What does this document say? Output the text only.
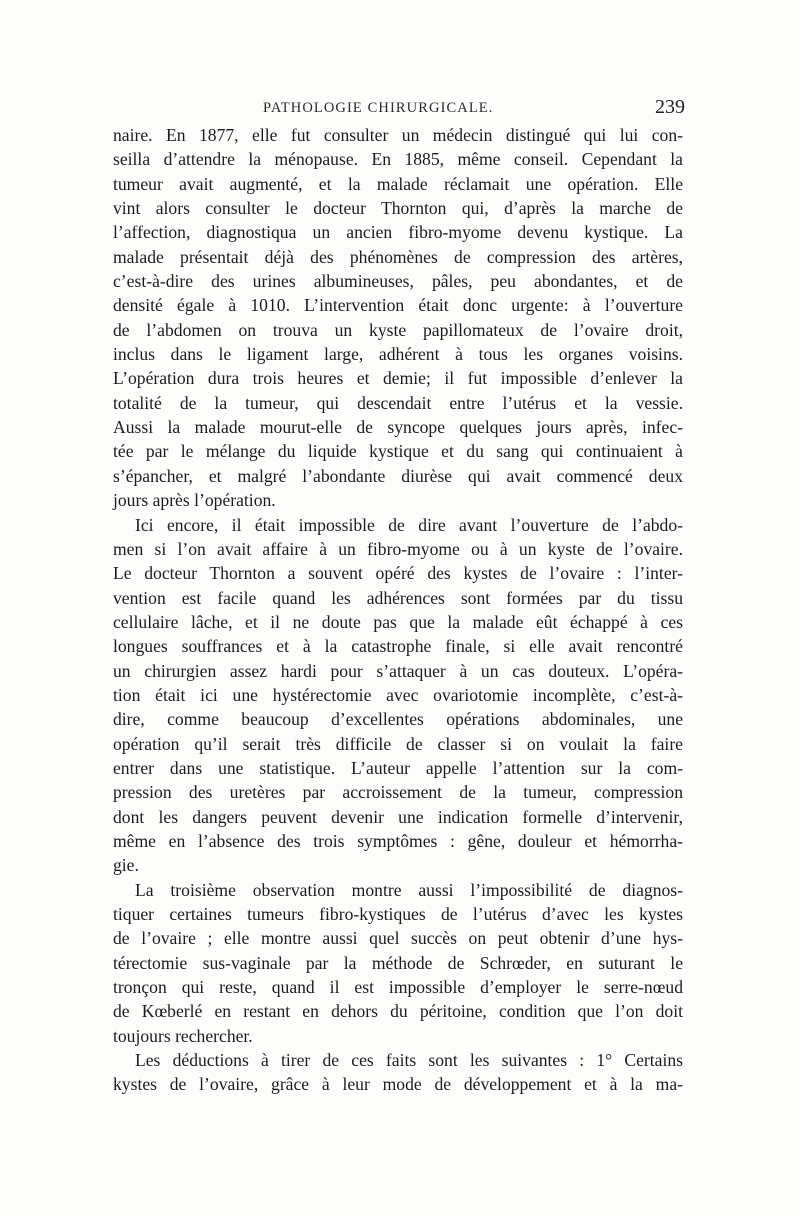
PATHOLOGIE CHIRURGICALE.	239
naire. En 1877, elle fut consulter un médecin distingué qui lui con-
seilla d’attendre la ménopause. En 1885, même conseil. Cependant la
tumeur avait augmenté, et la malade réclamait une opération. Elle
vint alors consulter le docteur Thornton qui, d’après la marche de
l’affection, diagnostiqua un ancien fibro-myome devenu kystique. La
malade présentait déjà des phénomènes de compression des artères,
c’est-à-dire des urines albumineuses, pâles, peu abondantes, et de
densité égale à 1010. L’intervention était donc urgente: à l’ouverture
de l’abdomen on trouva un kyste papillomateux de l’ovaire droit,
inclus dans le ligament large, adhérent à tous les organes voisins.
L’opération dura trois heures et demie; il fut impossible d’enlever la
totalité de la tumeur, qui descendait entre l’utérus et la vessie.
Aussi la malade mourut-elle de syncope quelques jours après, infec-
tée par le mélange du liquide kystique et du sang qui continuaient à
s’épancher, et malgré l’abondante diurèse qui avait commencé deux
jours après l’opération.
Ici encore, il était impossible de dire avant l’ouverture de l’abdo-
men si l’on avait affaire à un fibro-myome ou à un kyste de l’ovaire.
Le docteur Thornton a souvent opéré des kystes de l’ovaire : l’inter-
vention est facile quand les adhérences sont formées par du tissu
cellulaire lâche, et il ne doute pas que la malade eût échappé à ces
longues souffrances et à la catastrophe finale, si elle avait rencontré
un chirurgien assez hardi pour s’attaquer à un cas douteux. L’opéra-
tion était ici une hystérectomie avec ovariotomie incomplète, c’est-à-
dire, comme beaucoup d’excellentes opérations abdominales, une
opération qu’il serait très difficile de classer si on voulait la faire
entrer dans une statistique. L’auteur appelle l’attention sur la com-
pression des uretères par accroissement de la tumeur, compression
dont les dangers peuvent devenir une indication formelle d’intervenir,
même en l’absence des trois symptômes : gêne, douleur et hémorrha-
gie.
La troisième observation montre aussi l’impossibilité de diagnos-
tiquer certaines tumeurs fibro-kystiques de l’utérus d’avec les kystes
de l’ovaire ; elle montre aussi quel succès on peut obtenir d’une hys-
térectomie sus-vaginale par la méthode de Schrœder, en suturant le
tronçon qui reste, quand il est impossible d’employer le serre-nœud
de Kœberlé en restant en dehors du péritoine, condition que l’on doit
toujours rechercher.
Les déductions à tirer de ces faits sont les suivantes : 1° Certains
kystes de l’ovaire, grâce à leur mode de développement et à la ma-
